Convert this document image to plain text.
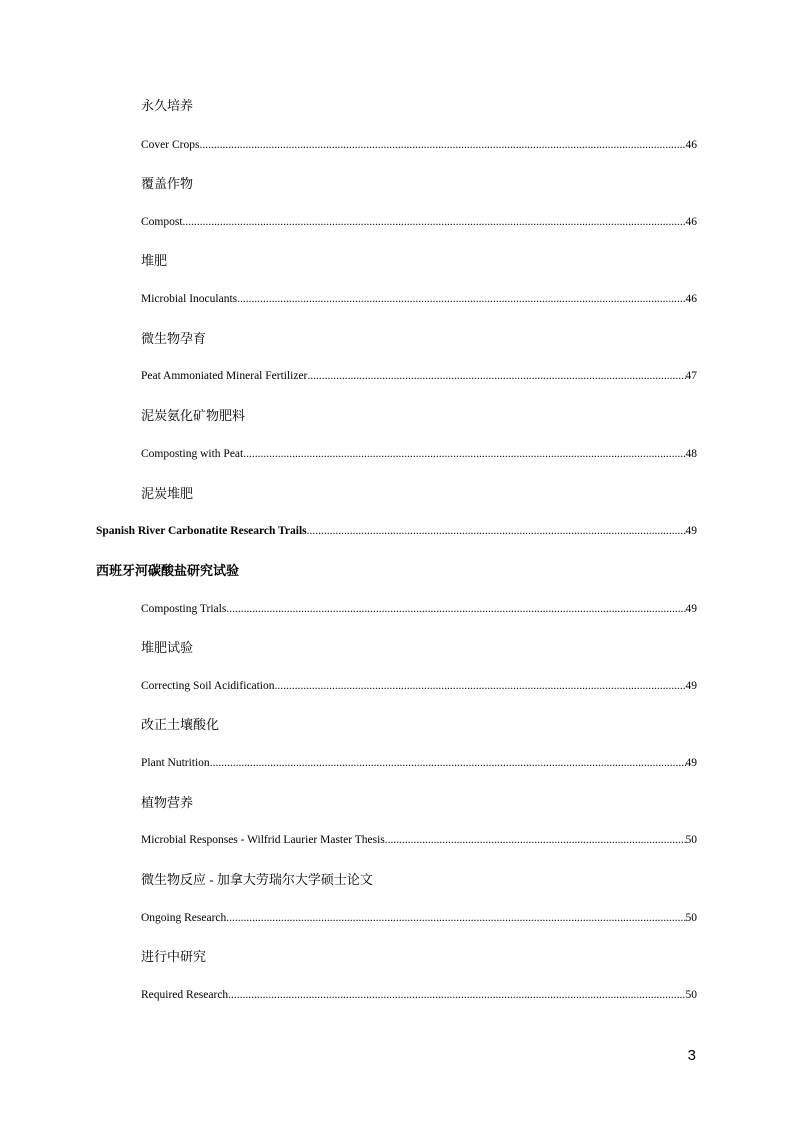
永久培养
Cover Crops .....	46
覆盖作物
Compost .....	46
堆肥
Microbial Inoculants .....	46
微生物孕育
Peat Ammoniated Mineral Fertilizer .....	47
泥炭氨化矿物肥料
Composting with Peat .....	48
泥炭堆肥
Spanish River Carbonatite Research Trails .....	49
西班牙河碳酸盐研究试验
Composting Trials .....	49
堆肥试验
Correcting Soil Acidification .....	49
改正土壤酸化
Plant Nutrition .....	49
植物营养
Microbial Responses - Wilfrid Laurier Master Thesis .....	50
微生物反应 - 加拿大劳瑞尔大学硕士论文
Ongoing Research .....	50
进行中研究
Required Research .....	50
3
